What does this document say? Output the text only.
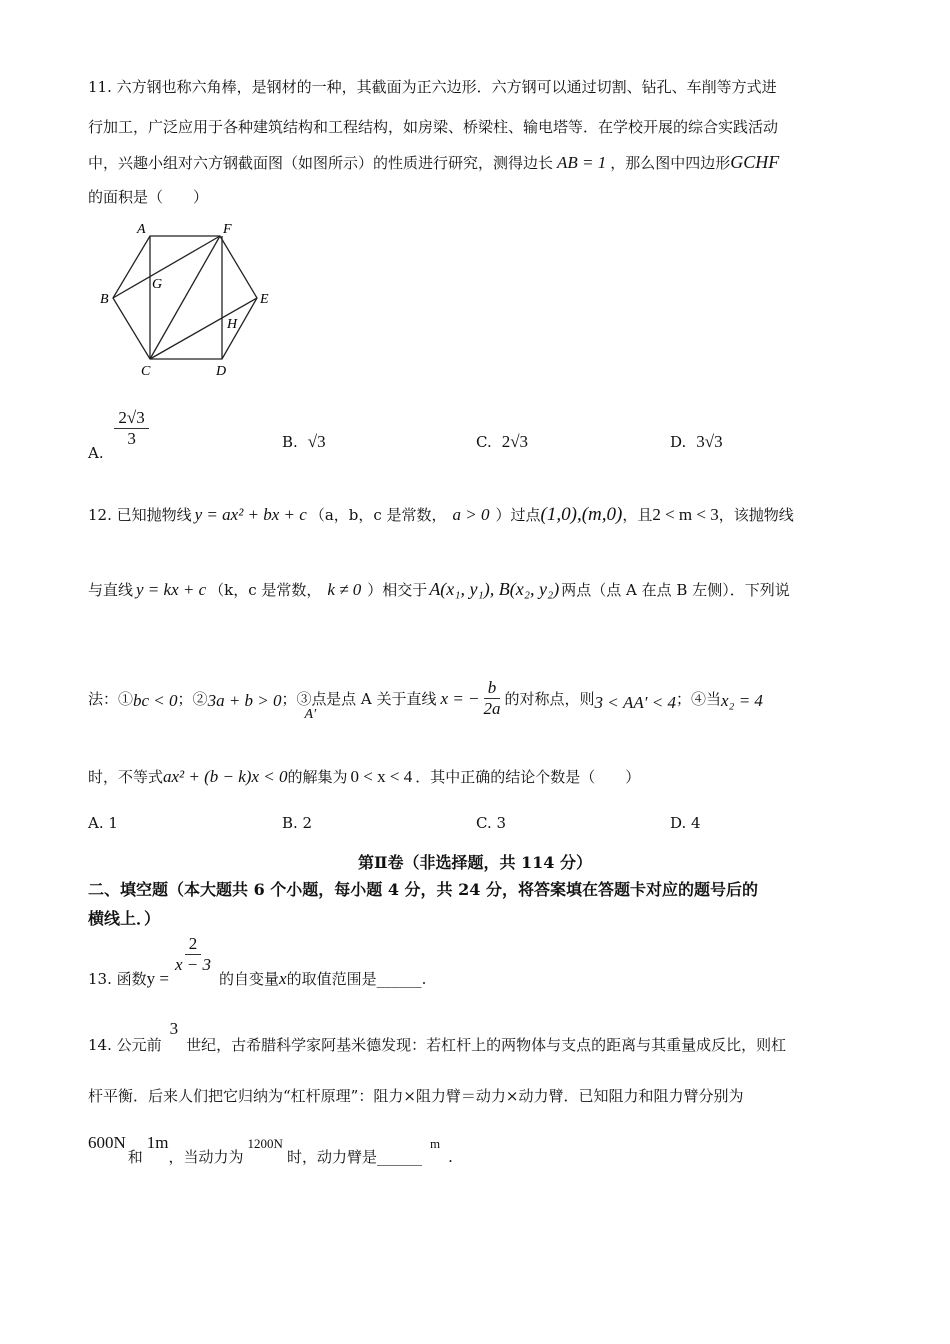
11. 六方钢也称六角棒，是钢材的一种，其截面为正六边形．六方钢可以通过切割、钻孔、车削等方式进
行加工，广泛应用于各种建筑结构和工程结构，如房梁、桥梁柱、输电塔等．在学校开展的综合实践活动
中，兴趣小组对六方钢截面图（如图所示）的性质进行研究，测得边长 AB = 1 ，那么图中四边形GCHF
的面积是（　　）
A	F
B
G
E
H
C	D
A.
$\frac{2√3}{3}$	B. √3	C. 2√3	D. 3√3
12. 已知抛物线 y = ax² + bx + c （a，b，c 是常数， a > 0 ）过点(1,0),(m,0)，且2 < m < 3，该抛物线
与直线 y = kx + c （k，c 是常数， k ≠ 0 ）相交于 A(x₁, y₁), B(x₂, y₂) 两点（点 A 在点 B 左侧）．下列说
法：①bc < 0；②3a + b > 0；③点A′是点 A 关于直线 x = − $\frac{b}{2a}$ 的对称点，则3 < AA′ < 4；④当x₂ = 4
时，不等式ax² + (b − k)x < 0的解集为 0 < x < 4 ．其中正确的结论个数是（　　）
A. 1	B. 2	C. 3	D. 4
第Ⅱ卷（非选择题，共 114 分）
二、填空题（本大题共 6 个小题，每小题 4 分，共 24 分，将答案填在答题卡对应的题号后的
横线上．）
13. 函数y =
$\frac{2}{x - 3}$
的自变量x的取值范围是______.
14. 公元前3世纪，古希腊科学家阿基米德发现：若杠杆上的两物体与支点的距离与其重量成反比，则杠
杆平衡．后来人们把它归纳为“杠杆原理”：阻力×阻力臂＝动力×动力臂．已知阻力和阻力臂分别为
600N和1m，当动力为1200N时，动力臂是______m.
